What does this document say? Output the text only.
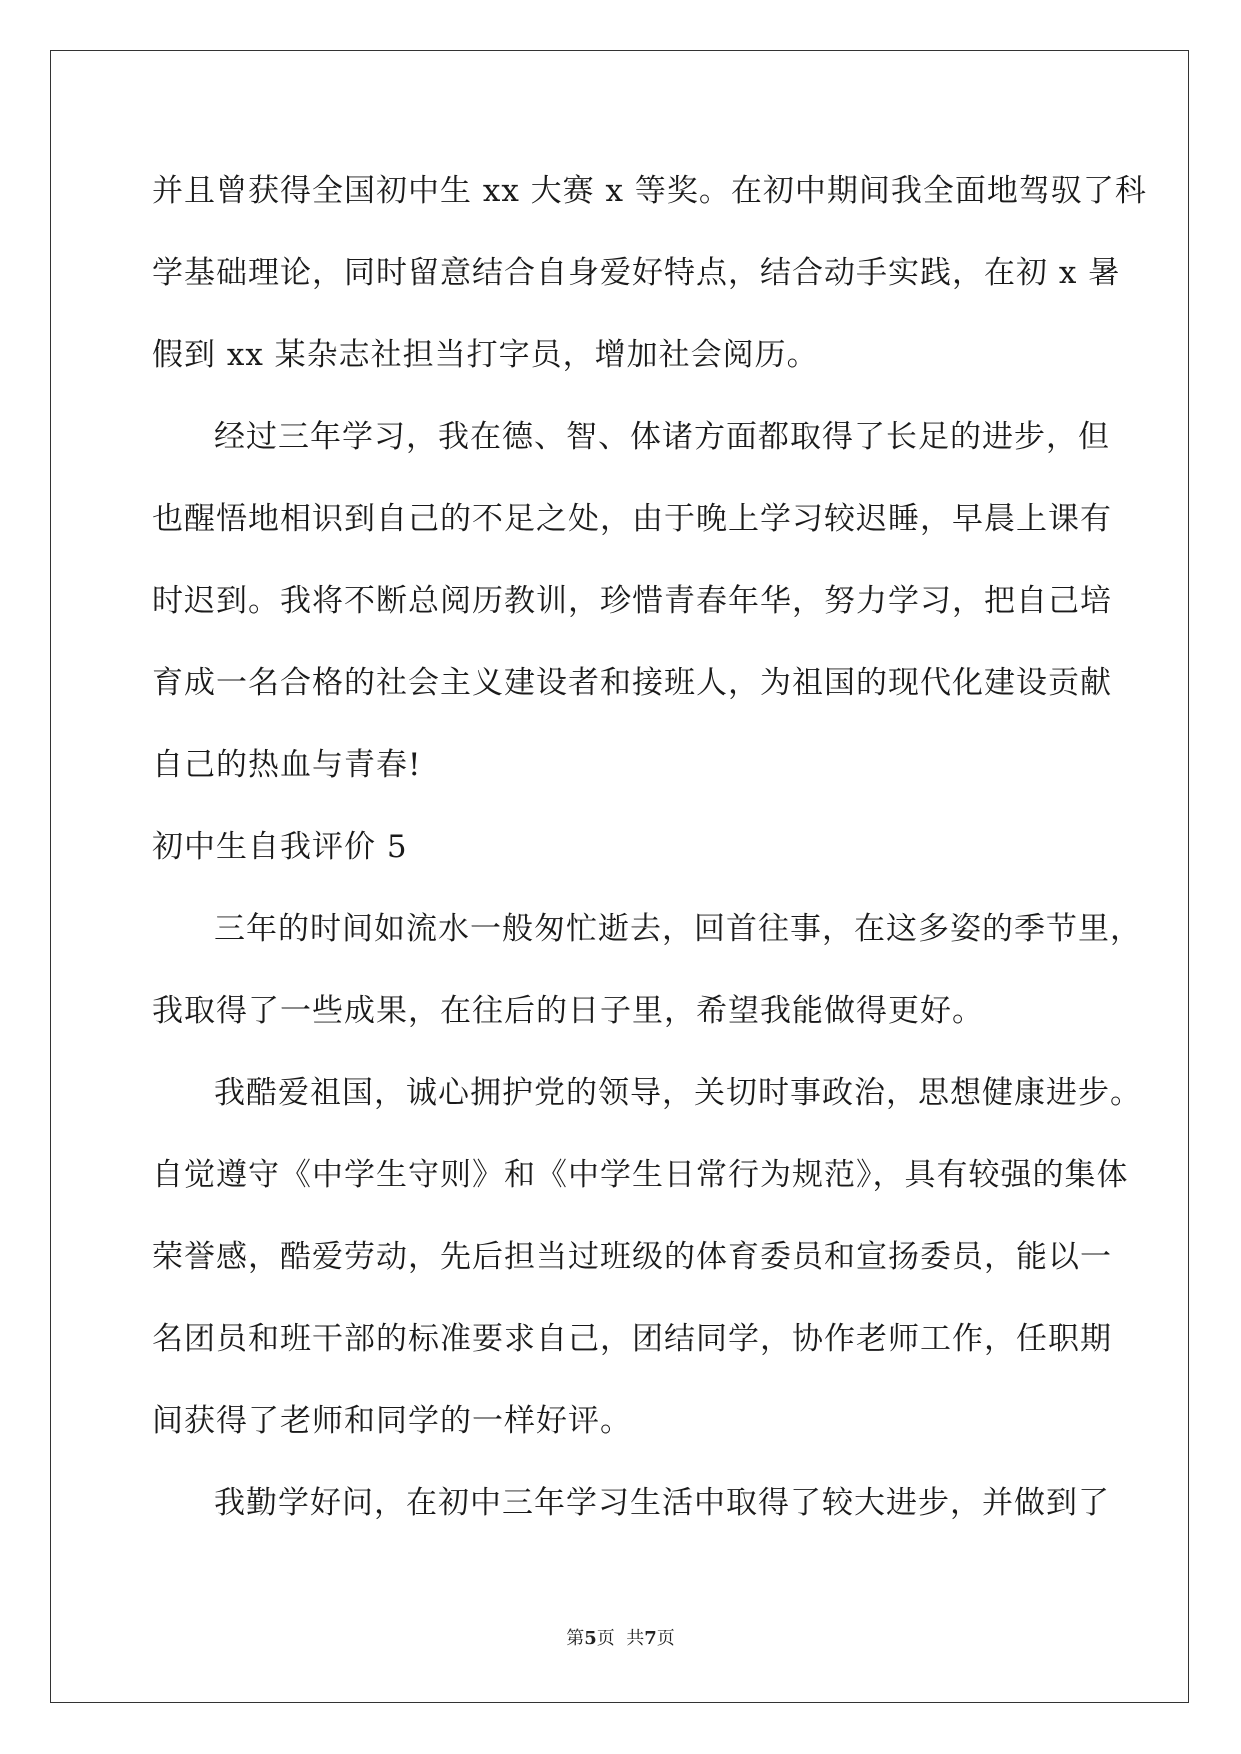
并且曾获得全国初中生 xx 大赛 x 等奖。在初中期间我全面地驾驭了科
学基础理论，同时留意结合自身爱好特点，结合动手实践，在初 x 暑
假到 xx 某杂志社担当打字员，增加社会阅历。
经过三年学习，我在德、智、体诸方面都取得了长足的进步，但
也醒悟地相识到自己的不足之处，由于晚上学习较迟睡，早晨上课有
时迟到。我将不断总阅历教训，珍惜青春年华，努力学习，把自己培
育成一名合格的社会主义建设者和接班人，为祖国的现代化建设贡献
自己的热血与青春!
初中生自我评价 5
三年的时间如流水一般匆忙逝去，回首往事，在这多姿的季节里，
我取得了一些成果，在往后的日子里，希望我能做得更好。
我酷爱祖国，诚心拥护党的领导，关切时事政治，思想健康进步。
自觉遵守《中学生守则》和《中学生日常行为规范》，具有较强的集体
荣誉感，酷爱劳动，先后担当过班级的体育委员和宣扬委员，能以一
名团员和班干部的标准要求自己，团结同学，协作老师工作，任职期
间获得了老师和同学的一样好评。
我勤学好问，在初中三年学习生活中取得了较大进步，并做到了
第5页  共7页
